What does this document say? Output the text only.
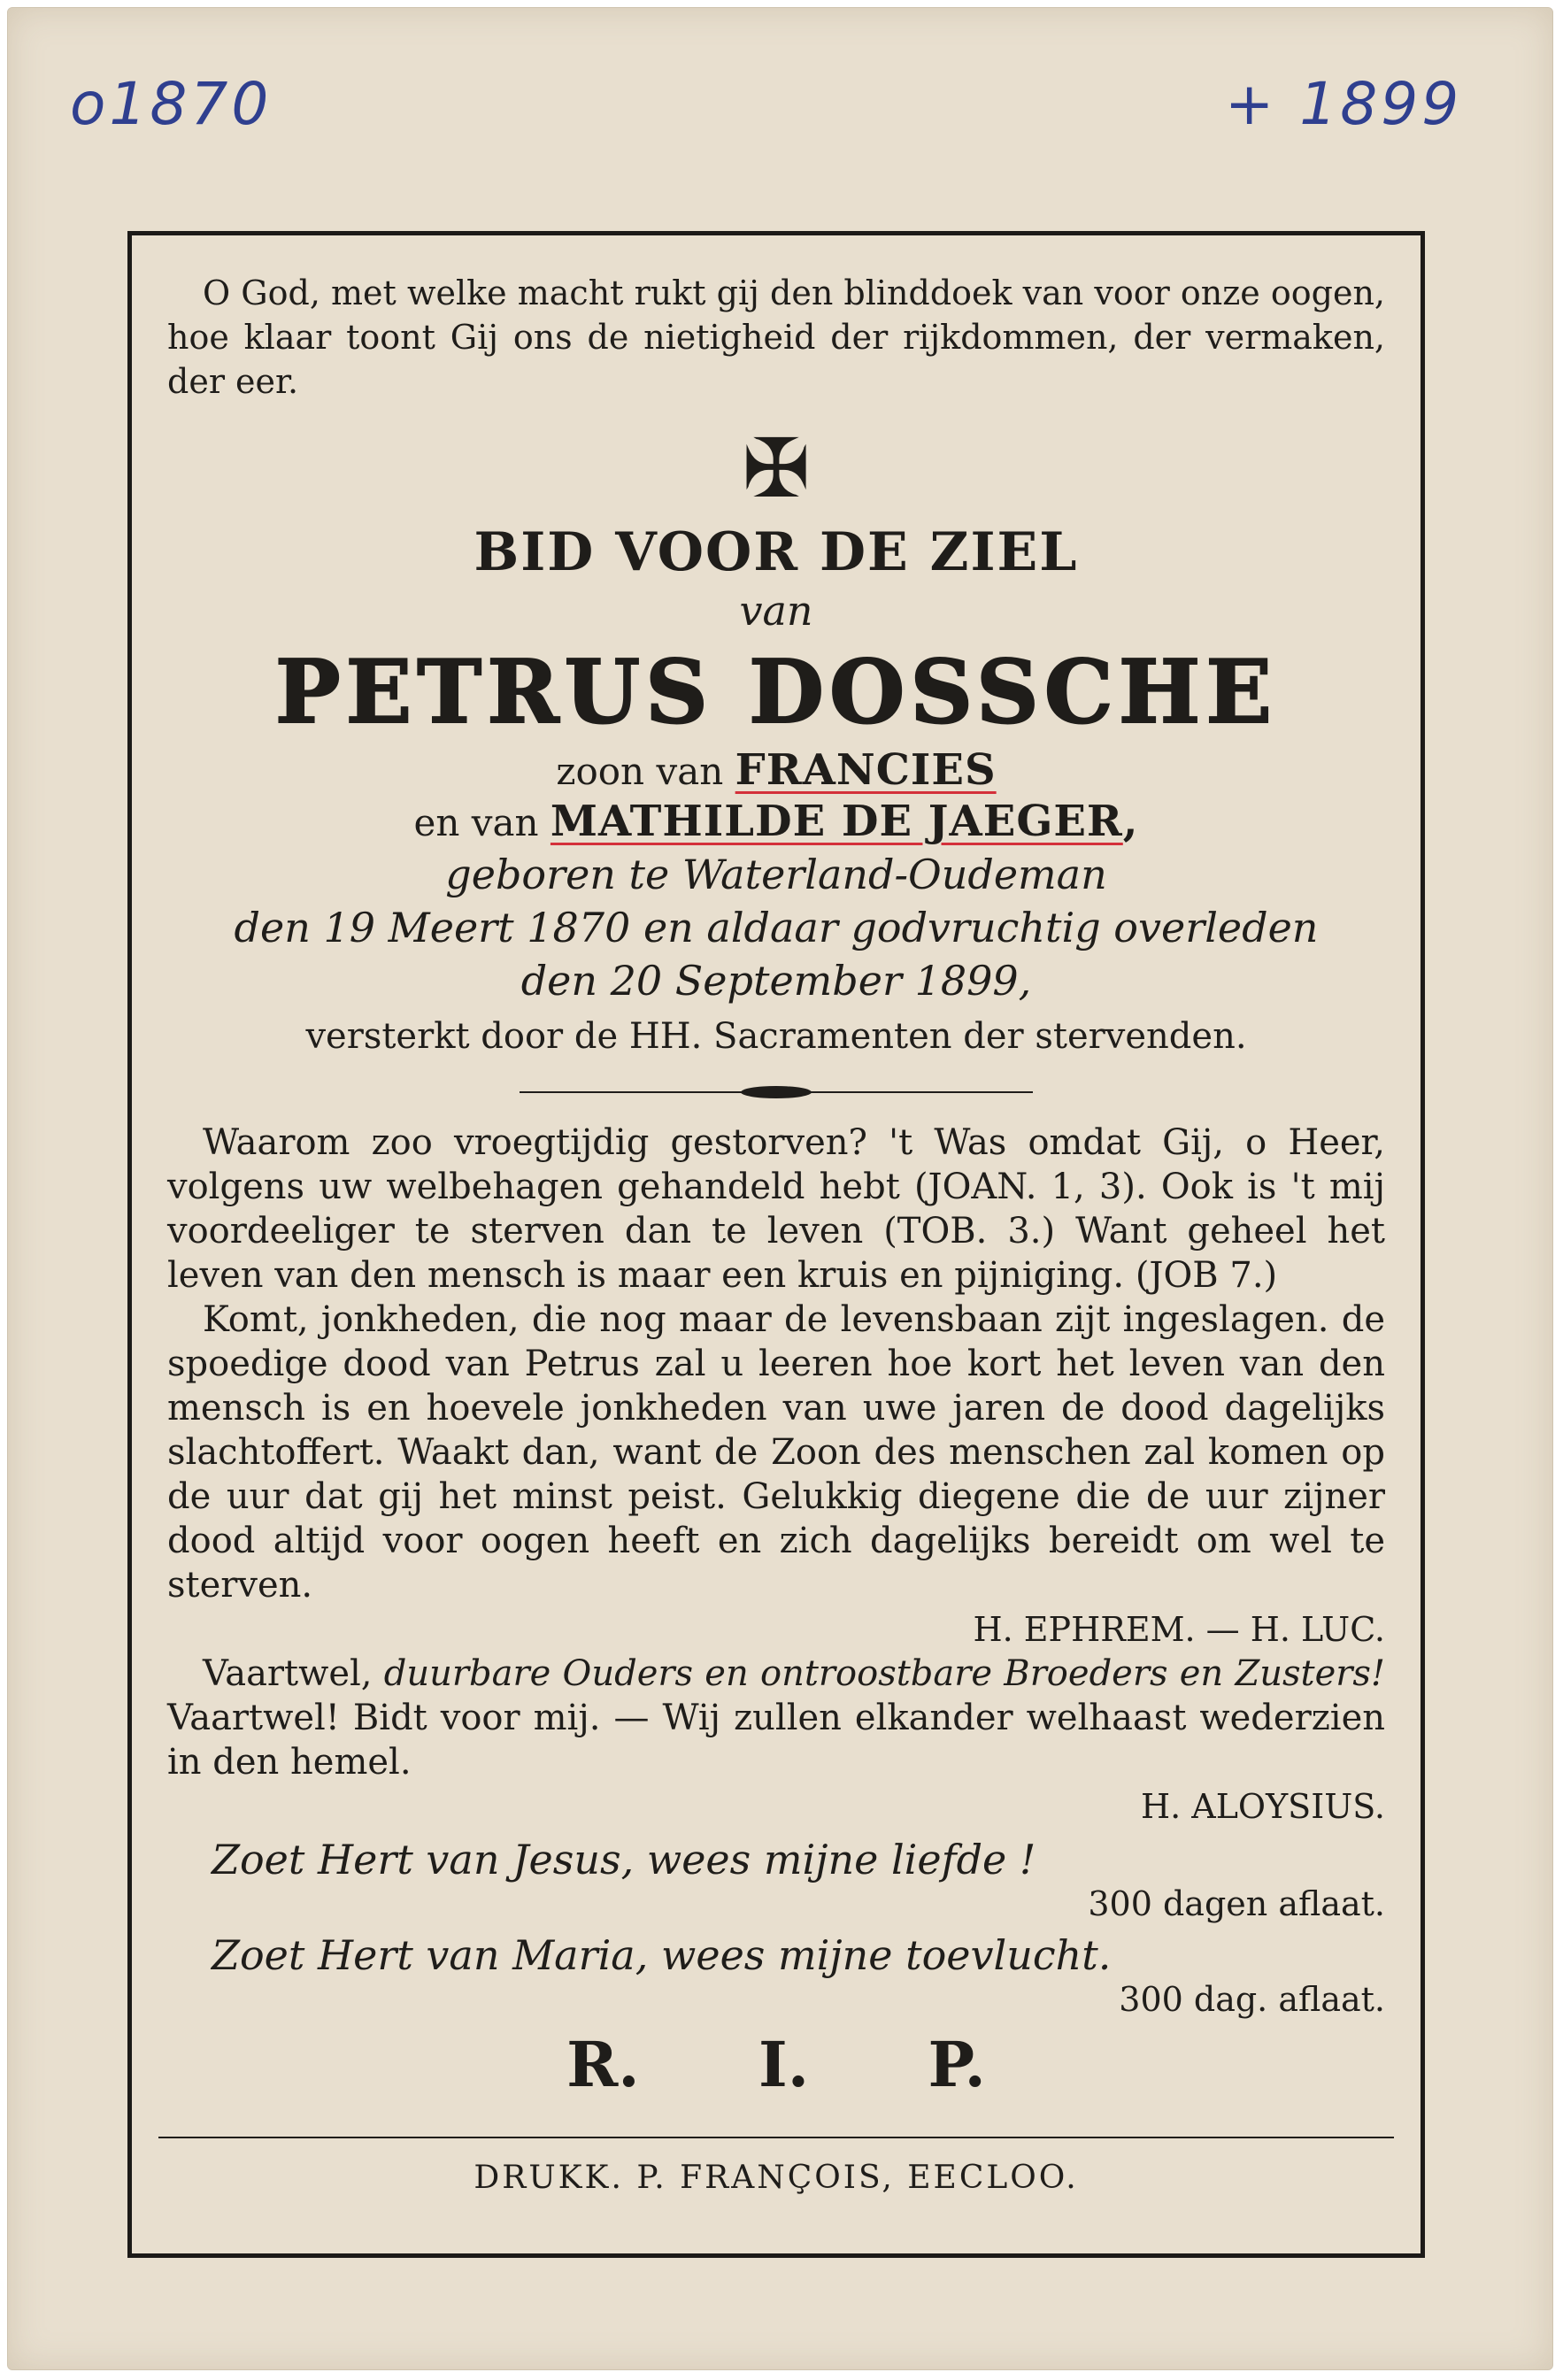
o1870	+ 1899

O God, met welke macht rukt gij den blinddoek van voor onze oogen, hoe klaar toont Gij ons de nietigheid der rijkdommen, der vermaken, der eer.

✠
BID VOOR DE ZIEL
van
PETRUS DOSSCHE
zoon van FRANCIES
en van MATHILDE DE JAEGER,
geboren te Waterland-Oudeman
den 19 Meert 1870 en aldaar godvruchtig overleden
den 20 September 1899,
versterkt door de HH. Sacramenten der stervenden.

Waarom zoo vroegtijdig gestorven? 't Was omdat Gij, o Heer, volgens uw welbehagen gehandeld hebt (JOAN. 1, 3). Ook is 't mij voordeeliger te sterven dan te leven (TOB. 3.) Want geheel het leven van den mensch is maar een kruis en pijniging. (JOB 7.)

Komt, jonkheden, die nog maar de levensbaan zijt ingeslagen. de spoedige dood van Petrus zal u leeren hoe kort het leven van den mensch is en hoevele jonkheden van uwe jaren de dood dagelijks slachtoffert. Waakt dan, want de Zoon des menschen zal komen op de uur dat gij het minst peist. Gelukkig diegene die de uur zijner dood altijd voor oogen heeft en zich dagelijks bereidt om wel te sterven.

H. EPHREM. — H. LUC.

Vaartwel, duurbare Ouders en ontroostbare Broeders en Zusters! Vaartwel! Bidt voor mij. — Wij zullen elkander welhaast wederzien in den hemel.

H. ALOYSIUS.
Zoet Hert van Jesus, wees mijne liefde !
300 dagen aflaat.
Zoet Hert van Maria, wees mijne toevlucht.
300 dag. aflaat.
R. I. P.
DRUKK. P. FRANÇOIS, EECLOO.
